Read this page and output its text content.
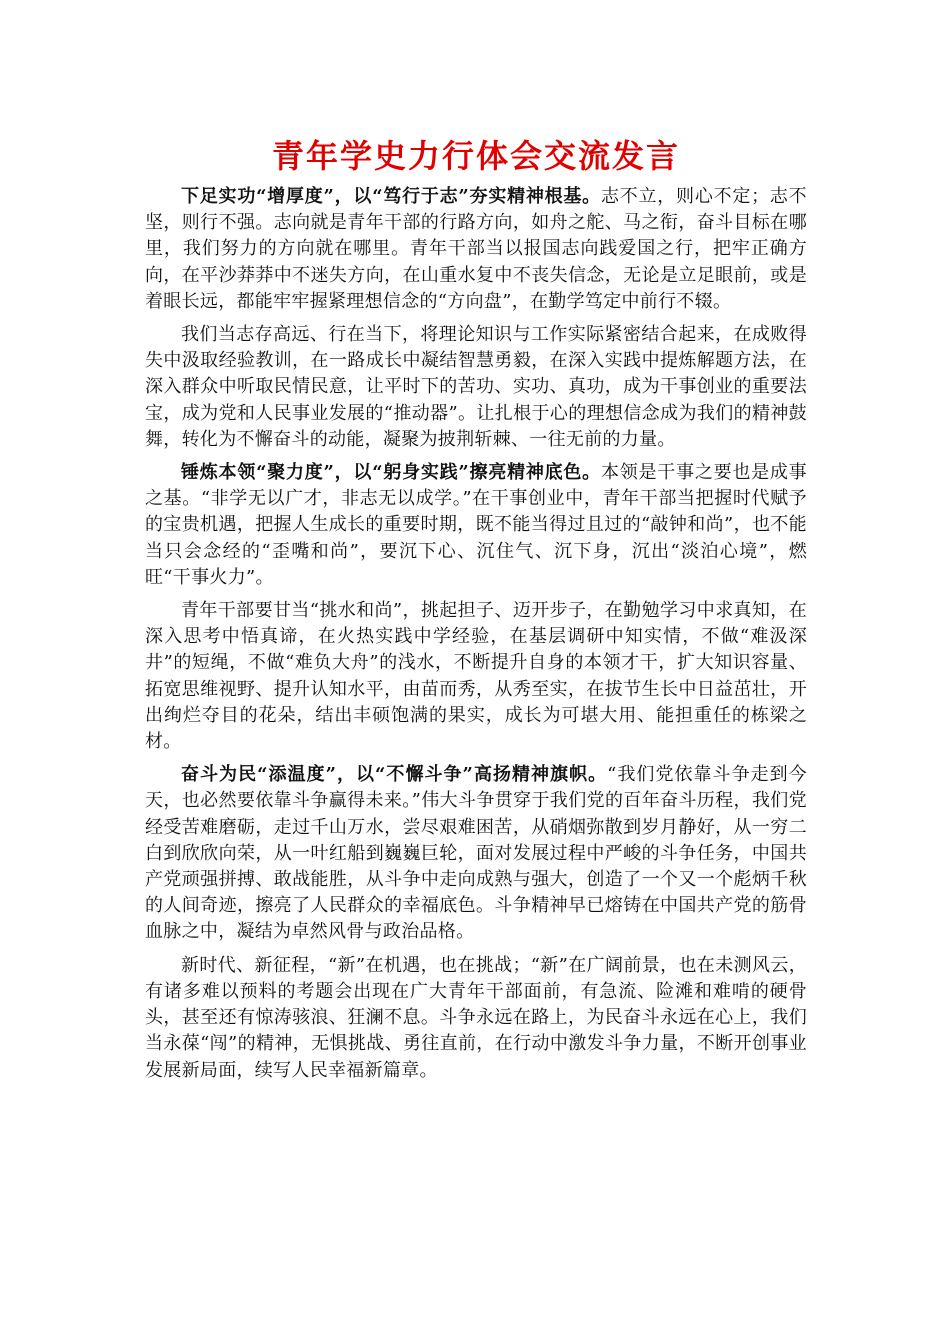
青年学史力行体会交流发言

下足实功“增厚度”，以“笃行于志”夯实精神根基。志不立，则心不定；志不坚，则行不强。志向就是青年干部的行路方向，如舟之舵、马之衔，奋斗目标在哪里，我们努力的方向就在哪里。青年干部当以报国志向践爱国之行，把牢正确方向，在平沙莽莽中不迷失方向，在山重水复中不丧失信念，无论是立足眼前，或是着眼长远，都能牢牢握紧理想信念的“方向盘”，在勤学笃定中前行不辍。

我们当志存高远、行在当下，将理论知识与工作实际紧密结合起来，在成败得失中汲取经验教训，在一路成长中凝结智慧勇毅，在深入实践中提炼解题方法，在深入群众中听取民情民意，让平时下的苦功、实功、真功，成为干事创业的重要法宝，成为党和人民事业发展的“推动器”。让扎根于心的理想信念成为我们的精神鼓舞，转化为不懈奋斗的动能，凝聚为披荆斩棘、一往无前的力量。

锤炼本领“聚力度”，以“躬身实践”擦亮精神底色。本领是干事之要也是成事之基。“非学无以广才，非志无以成学。”在干事创业中，青年干部当把握时代赋予的宝贵机遇，把握人生成长的重要时期，既不能当得过且过的“敲钟和尚”，也不能当只会念经的“歪嘴和尚”，要沉下心、沉住气、沉下身，沉出“淡泊心境”，燃旺“干事火力”。

青年干部要甘当“挑水和尚”，挑起担子、迈开步子，在勤勉学习中求真知，在深入思考中悟真谛，在火热实践中学经验，在基层调研中知实情，不做“难汲深井”的短绳，不做“难负大舟”的浅水，不断提升自身的本领才干，扩大知识容量、拓宽思维视野、提升认知水平，由苗而秀，从秀至实，在拔节生长中日益茁壮，开出绚烂夺目的花朵，结出丰硕饱满的果实，成长为可堪大用、能担重任的栋梁之材。

奋斗为民“添温度”，以“不懈斗争”高扬精神旗帜。“我们党依靠斗争走到今天，也必然要依靠斗争赢得未来。”伟大斗争贯穿于我们党的百年奋斗历程，我们党经受苦难磨砺，走过千山万水，尝尽艰难困苦，从硝烟弥散到岁月静好，从一穷二白到欣欣向荣，从一叶红船到巍巍巨轮，面对发展过程中严峻的斗争任务，中国共产党顽强拼搏、敢战能胜，从斗争中走向成熟与强大，创造了一个又一个彪炳千秋的人间奇迹，擦亮了人民群众的幸福底色。斗争精神早已熔铸在中国共产党的筋骨血脉之中，凝结为卓然风骨与政治品格。

新时代、新征程，“新”在机遇，也在挑战；“新”在广阔前景，也在未测风云，有诸多难以预料的考题会出现在广大青年干部面前，有急流、险滩和难啃的硬骨头，甚至还有惊涛骇浪、狂澜不息。斗争永远在路上，为民奋斗永远在心上，我们当永葆“闯”的精神，无惧挑战、勇往直前，在行动中激发斗争力量，不断开创事业发展新局面，续写人民幸福新篇章。
